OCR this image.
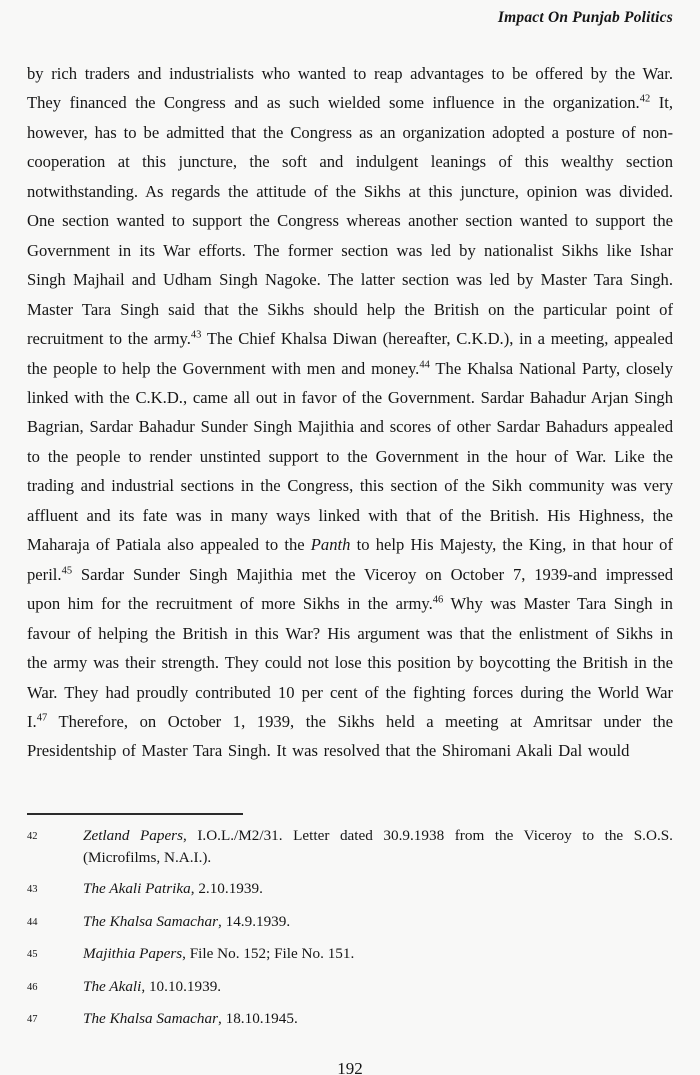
Impact On Punjab Politics

by rich traders and industrialists who wanted to reap advantages to be offered by the War. They financed the Congress and as such wielded some influence in the organization.$^{42}$ It, however, has to be admitted that the Congress as an organization adopted a posture of non-cooperation at this juncture, the soft and indulgent leanings of this wealthy section notwithstanding. As regards the attitude of the Sikhs at this juncture, opinion was divided. One section wanted to support the Congress whereas another section wanted to support the Government in its War efforts. The former section was led by nationalist Sikhs like Ishar Singh Majhail and Udham Singh Nagoke. The latter section was led by Master Tara Singh. Master Tara Singh said that the Sikhs should help the British on the particular point of recruitment to the army.$^{43}$ The Chief Khalsa Diwan (hereafter, C.K.D.), in a meeting, appealed the people to help the Government with men and money.$^{44}$ The Khalsa National Party, closely linked with the C.K.D., came all out in favor of the Government. Sardar Bahadur Arjan Singh Bagrian, Sardar Bahadur Sunder Singh Majithia and scores of other Sardar Bahadurs appealed to the people to render unstinted support to the Government in the hour of War. Like the trading and industrial sections in the Congress, this section of the Sikh community was very affluent and its fate was in many ways linked with that of the British. His Highness, the Maharaja of Patiala also appealed to the Panth to help His Majesty, the King, in that hour of peril.$^{45}$ Sardar Sunder Singh Majithia met the Viceroy on October 7, 1939-and impressed upon him for the recruitment of more Sikhs in the army.$^{46}$ Why was Master Tara Singh in favour of helping the British in this War? His argument was that the enlistment of Sikhs in the army was their strength. They could not lose this position by boycotting the British in the War. They had proudly contributed 10 per cent of the fighting forces during the World War I.$^{47}$ Therefore, on October 1, 1939, the Sikhs held a meeting at Amritsar under the Presidentship of Master Tara Singh. It was resolved that the Shiromani Akali Dal would

42	Zetland Papers, I.O.L./M2/31. Letter dated 30.9.1938 from the Viceroy to the S.O.S. (Microfilms, N.A.I.).
43	The Akali Patrika, 2.10.1939.
44	The Khalsa Samachar, 14.9.1939.
45	Majithia Papers, File No. 152; File No. 151.
46	The Akali, 10.10.1939.
47	The Khalsa Samachar, 18.10.1945.
192
